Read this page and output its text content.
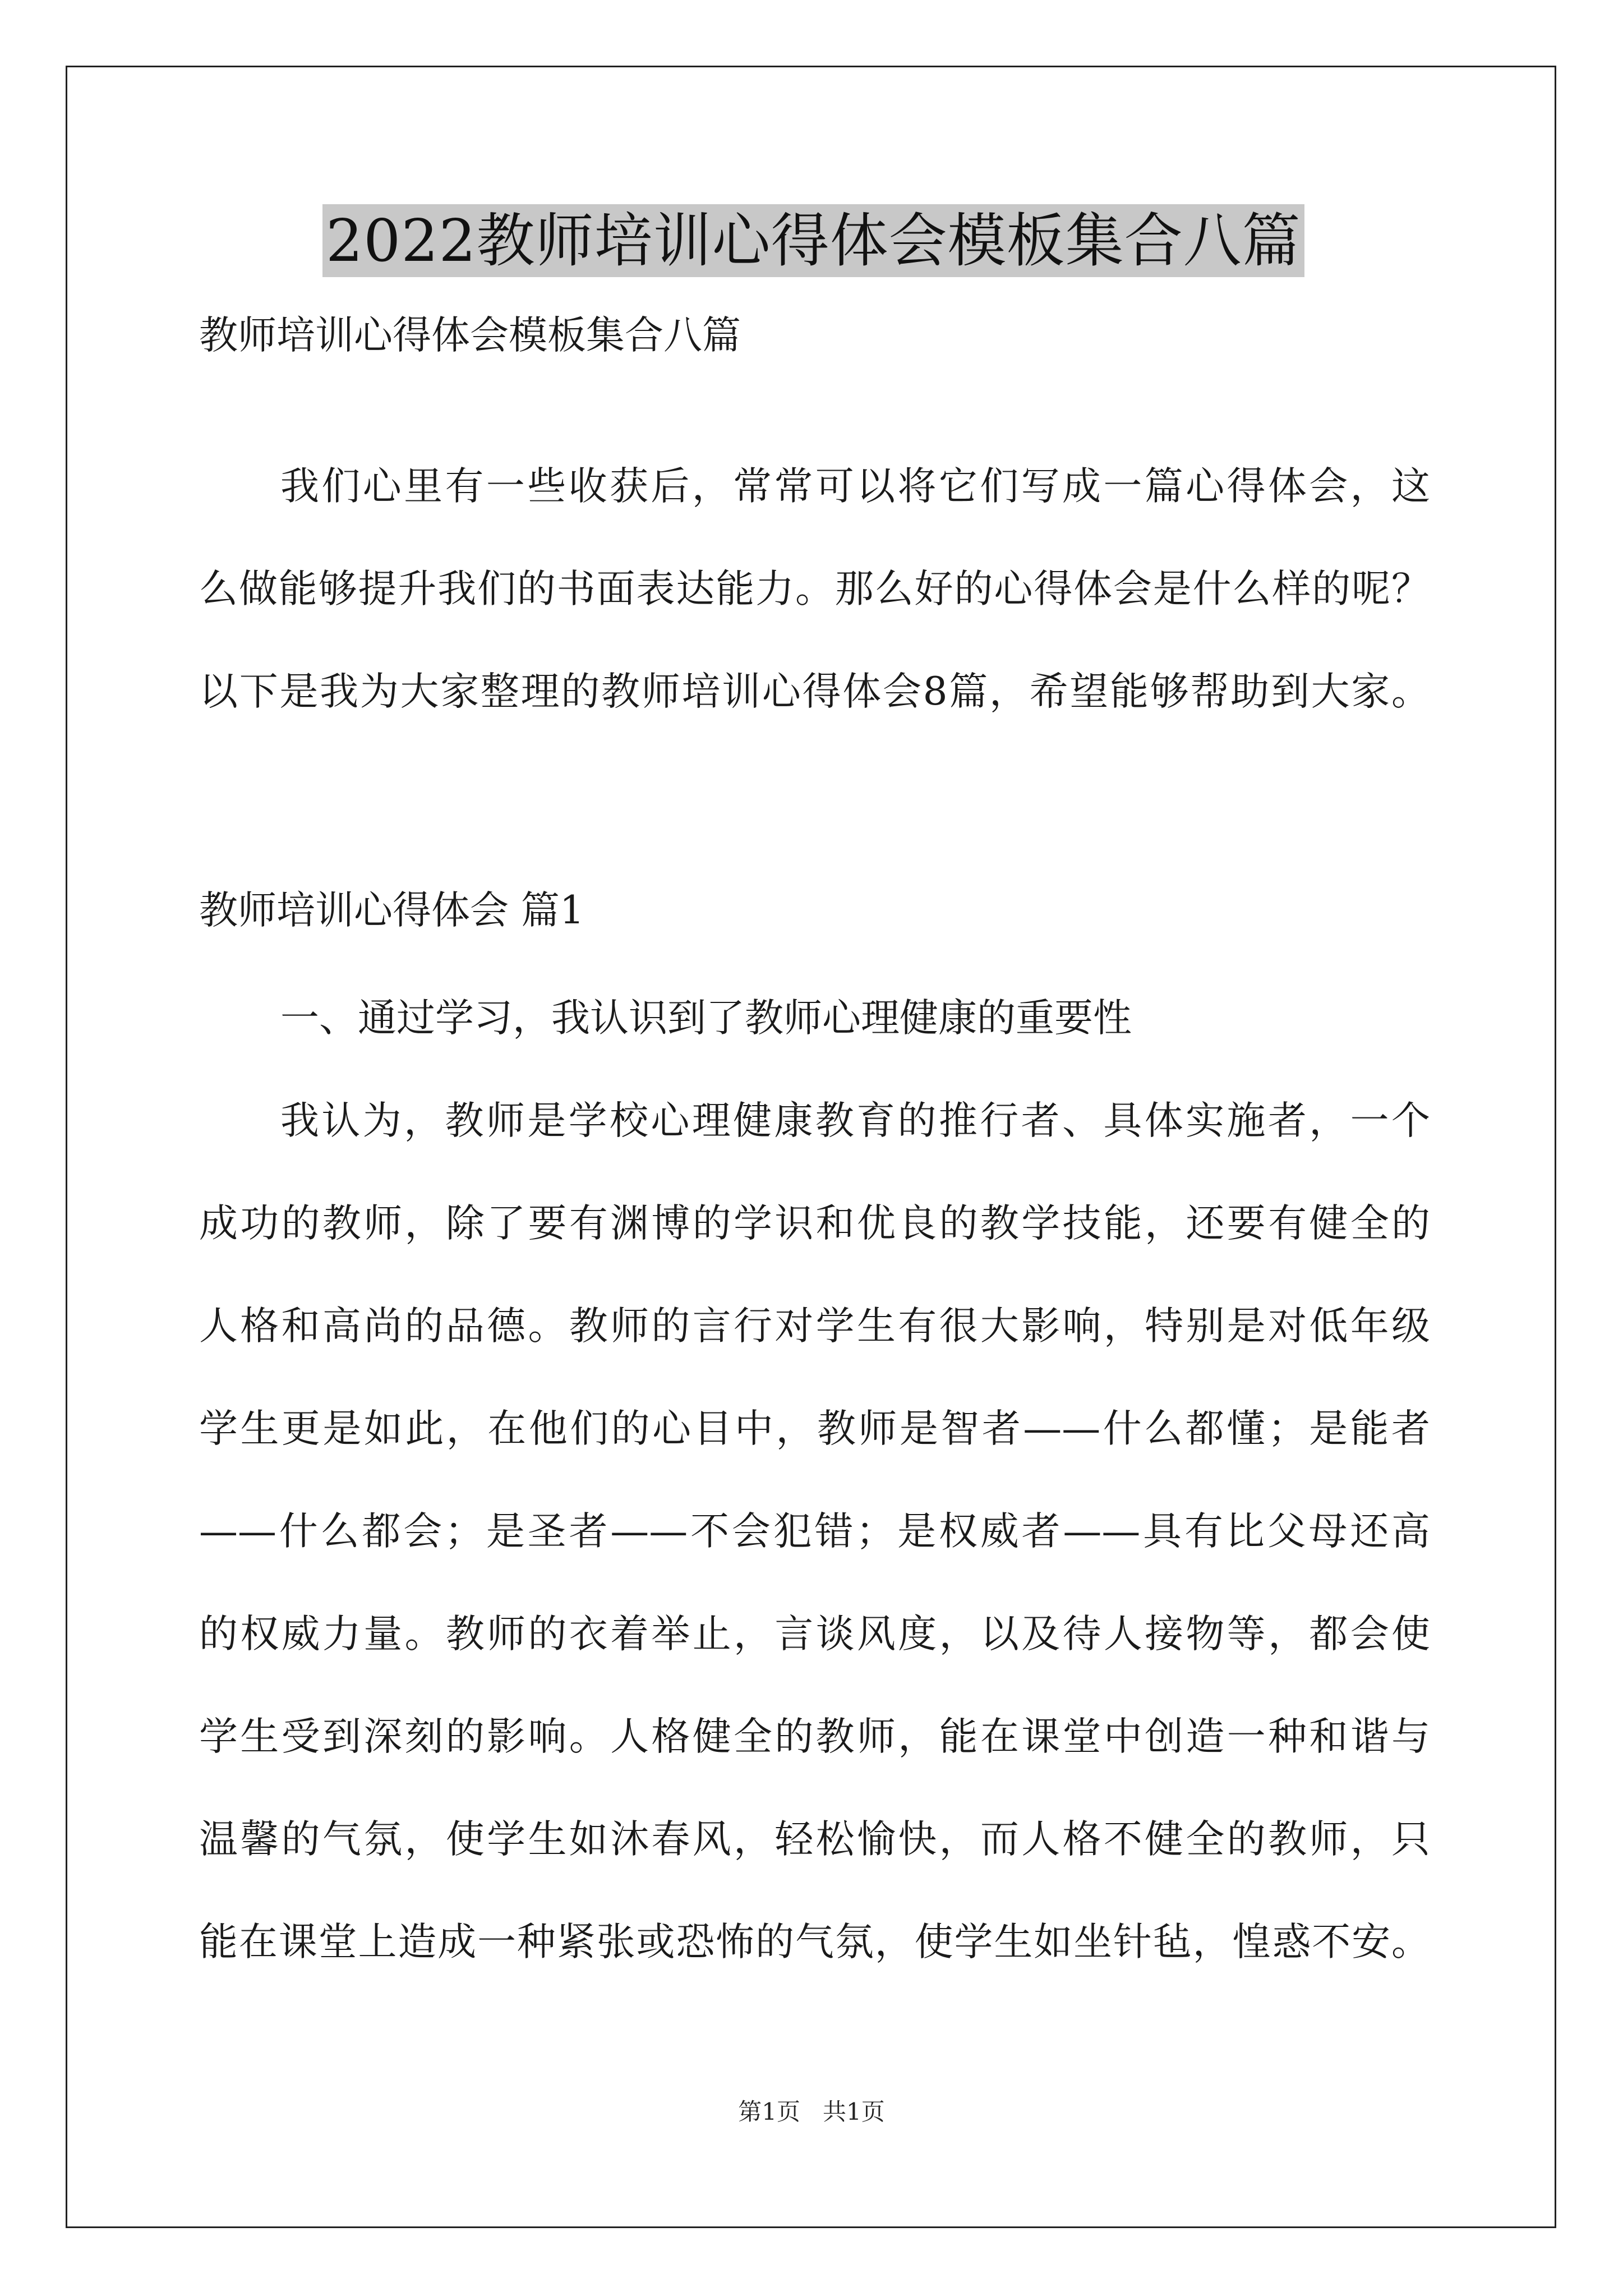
2022教师培训心得体会模板集合八篇
教师培训心得体会模板集合八篇
我们心里有一些收获后，常常可以将它们写成一篇心得体会，这
么做能够提升我们的书面表达能力。那么好的心得体会是什么样的呢？
以下是我为大家整理的教师培训心得体会8篇，希望能够帮助到大家。
教师培训心得体会 篇1
一、通过学习，我认识到了教师心理健康的重要性
我认为，教师是学校心理健康教育的推行者、具体实施者，一个
成功的教师，除了要有渊博的学识和优良的教学技能，还要有健全的
人格和高尚的品德。教师的言行对学生有很大影响，特别是对低年级
学生更是如此，在他们的心目中，教师是智者——什么都懂；是能者
——什么都会；是圣者——不会犯错；是权威者——具有比父母还高
的权威力量。教师的衣着举止，言谈风度，以及待人接物等，都会使
学生受到深刻的影响。人格健全的教师，能在课堂中创造一种和谐与
温馨的气氛，使学生如沐春风，轻松愉快，而人格不健全的教师，只
能在课堂上造成一种紧张或恐怖的气氛，使学生如坐针毡，惶惑不安。
第1页   共1页
